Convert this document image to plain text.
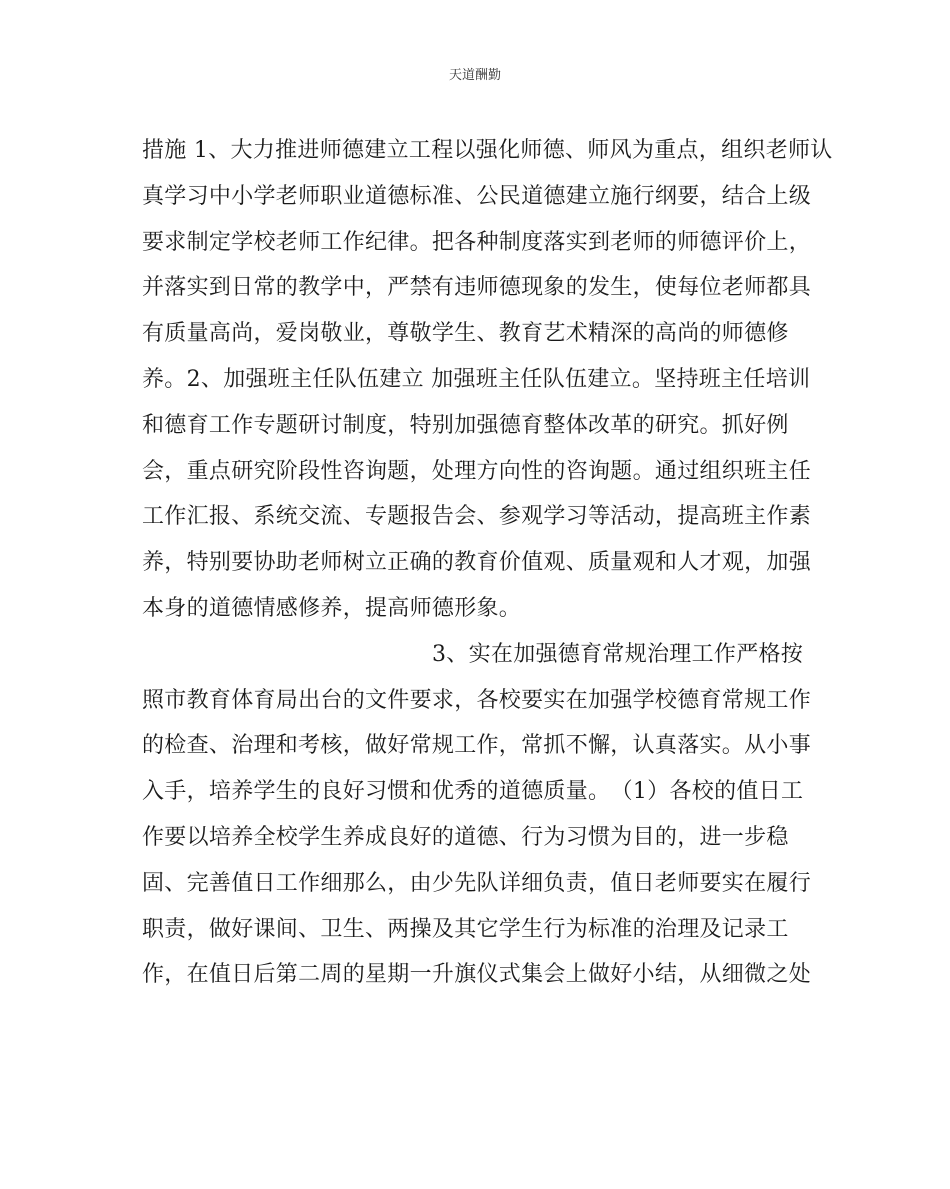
天道酬勤
措施 1、大力推进师德建立工程以强化师德、师风为重点，组织老师认
真学习中小学老师职业道德标准、公民道德建立施行纲要，结合上级
要求制定学校老师工作纪律。把各种制度落实到老师的师德评价上，
并落实到日常的教学中，严禁有违师德现象的发生，使每位老师都具
有质量高尚，爱岗敬业，尊敬学生、教育艺术精深的高尚的师德修
养。2、加强班主任队伍建立 加强班主任队伍建立。坚持班主任培训
和德育工作专题研讨制度，特别加强德育整体改革的研究。抓好例
会，重点研究阶段性咨询题，处理方向性的咨询题。通过组织班主任
工作汇报、系统交流、专题报告会、参观学习等活动，提高班主作素
养，特别要协助老师树立正确的教育价值观、质量观和人才观，加强
本身的道德情感修养，提高师德形象。
3、实在加强德育常规治理工作严格按
照市教育体育局出台的文件要求，各校要实在加强学校德育常规工作
的检查、治理和考核，做好常规工作，常抓不懈，认真落实。从小事
入手，培养学生的良好习惯和优秀的道德质量。　（1）各校的值日工
作要以培养全校学生养成良好的道德、行为习惯为目的，进一步稳
固、完善值日工作细那么，由少先队详细负责，值日老师要实在履行
职责，做好课间、卫生、两操及其它学生行为标准的治理及记录工
作，在值日后第二周的星期一升旗仪式集会上做好小结，从细微之处
